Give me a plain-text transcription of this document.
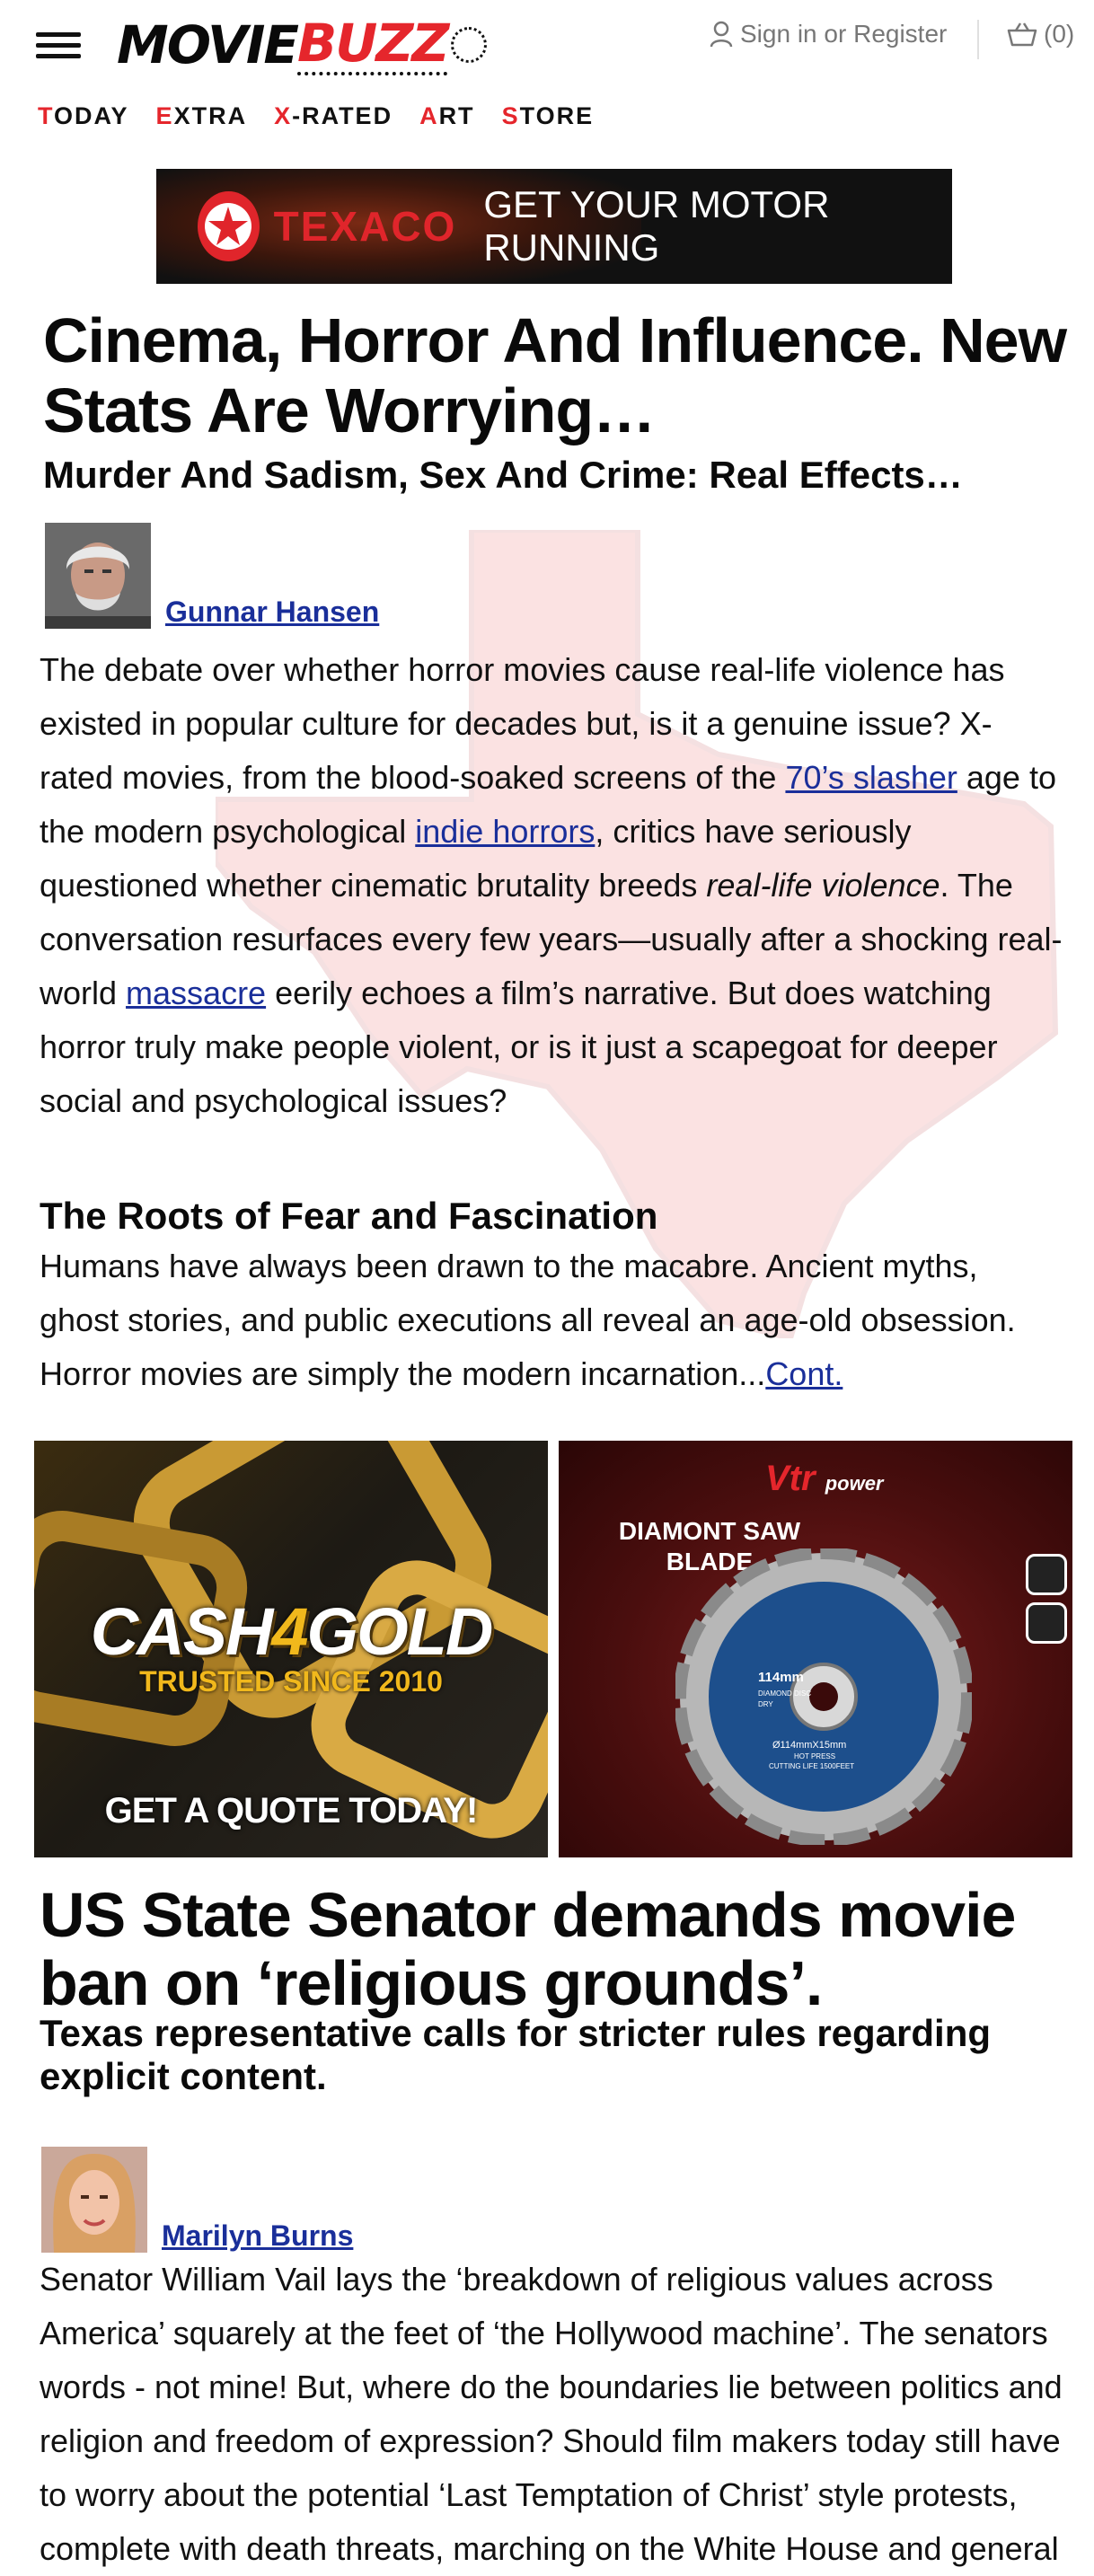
MOVIE BUZZ	Sign in or Register	(0)
TODAY EXTRA X-RATED ART STORE
TEXACO GET YOUR MOTOR RUNNING
Cinema, Horror And Influence. New Stats Are Worrying…
Murder And Sadism, Sex And Crime: Real Effects…
Gunnar Hansen

The debate over whether horror movies cause real-life violence has existed in popular culture for decades but, is it a genuine issue? X-rated movies, from the blood-soaked screens of the 70’s slasher age to the modern psychological indie horrors, critics have seriously questioned whether cinematic brutality breeds real-life violence. The conversation resurfaces every few years—usually after a shocking real-world massacre eerily echoes a film’s narrative. But does watching horror truly make people violent, or is it just a scapegoat for deeper social and psychological issues?

The Roots of Fear and Fascination

Humans have always been drawn to the macabre. Ancient myths, ghost stories, and public executions all reveal an age-old obsession. Horror movies are simply the modern incarnation...Cont.

CASH4GOLD
TRUSTED SINCE 2010
GET A QUOTE TODAY!
Vtr power
DIAMONT SAW
BLADE
114mm
DIAMOND DISC
DRY
Ø114mmX15mm
HOT PRESS
CUTTING LIFE 1500FEET
US State Senator demands movie ban on ‘religious grounds’.
Texas representative calls for stricter rules regarding explicit content.
Marilyn Burns

Senator William Vail lays the ‘breakdown of religious values across America’ squarely at the feet of ‘the Hollywood machine’. The senators words - not mine! But, where do the boundaries lie between politics and religion and freedom of expression? Should film makers today still have to worry about the potential ‘Last Temptation of Christ’ style protests, complete with death threats, marching on the White House and general
